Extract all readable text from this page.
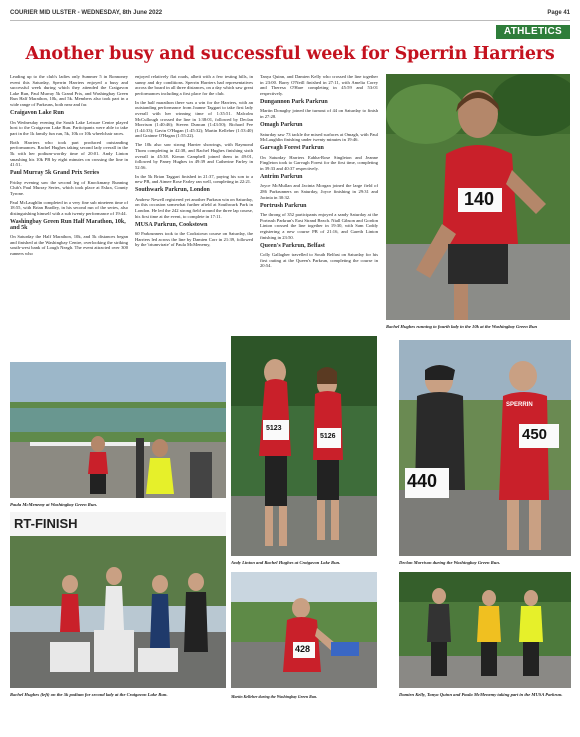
COURIER MID ULSTER - WEDNESDAY, 8th June 2022	Page 41
ATHLETICS
Another busy and successful week for Sperrin Harriers

Leading up to the club's ladies only Summer 5 in Ronnoney event this Saturday, Sperrin Harriers enjoyed a busy and successful week during which they attended the Craigavon Lake Run, Paul Murray 5k Grand Prix, and Washingbay Green Run Half Marathon, 10k, and 5k. Members also took part in a wide range of Parkruns, both near and far.

Craigavon Lake Run

On Wednesday evening the South Lake Leisure Centre played host to the Craigavon Lake Run. Participants were able to take part in the 1k family fun run, 5k, 10k or 10k wheelchair races.

Both Harriers who took part produced outstanding performances. Rachel Hughes taking second lady overall in the 5k with her podium-worthy time of 20:01. Andy Linton smashing his 10k PB by eight minutes on crossing the line in 41:51.

Paul Murray 5k Grand Prix Series

Friday evening saw the second leg of Knockmany Running Club's Paul Murray Series, which took place at Eskra, County Tyrone.

Paul McLaughlin completed in a very fine sub nineteen time of 18:55, with Brian Bradley, in his second run of the series, also distinguishing himself with a sub twenty performance of 19:44.

Washingbay Green Run Half Marathon, 10k, and 5k

On Saturday the Half Marathon, 10k, and 5k distances began and finished at the Washingbay Centre, overlooking the striking south-west bank of Lough Neagh. The event attracted over 300 runners who

enjoyed relatively flat roads, albeit with a few testing hills, in sunny and dry conditions. Sperrin Harriers had representatives across the board in all three distances, on a day which saw great performances including a first place for the club.

In the half marathon there was a win for the Harriers, with an outstanding performance from Joanne Taggart to take first lady overall with her winning time of 1:35:51. Malcolm McCullough crossed the line in 1:38:01, followed by Declan Morrison (1:40:46); Steven Duncan (1:43:50); Richard Fee (1:44:33); Gavin O'Hagan (1:45:32); Martin Kelleher (1:53:40) and Grainne O'Hagan (1:55:22).

The 10k also saw strong Harrier showings, with Raymond Thom completing in 42:38, and Rachel Hughes finishing sixth overall in 45:38. Kieran Campbell joined them in 49:01, followed by Paney Hughes in 49:39 and Catherine Farley in 52:56.

In the 5k Brian Taggart finished in 21:37, paying his son to a new PB, and Aimee Rose Farley ran well, completing in 22:21.

Southwark Parkrun, London

Andrew Newell registered yet another Parkrun win on Saturday, on this occasion somewhat further afield at Southwark Park in London. He led the 242 strong field around the three lap course, his first time at the event, to complete in 17:11.

MUSA Parkrun, Cookstown

60 Parkrunners took to the Cookstown course on Saturday, the Harriers led across the line by Damien Corr in 21:39, followed by the 'triumvirate' of Paula McMenemy,

Tanya Quinn, and Damien Kelly who crossed the line together in 23:00. Barry O'Neill finished in 27:11, with Amelia Corey and Theresa O'Hare completing in 45:59 and 53:01 respectively.

Dungannon Park Parkrun

Martin Donaghy joined the turnout of 44 on Saturday to finish in 27:28.

Omagh Parkrun

Saturday saw 73 tackle the mixed surfaces at Omagh, with Paul McLaughlin finishing under twenty minutes in 19:46.

Garvagh Forest Parkrun

On Saturday Harriers Eabha-Rose Singleton and Jeanne Fingleton took to Garvagh Forest for the first time, completing in 39:33 and 40:37 respectively.

Antrim Parkrun

Joyce McMullan and Jacinta Morgan joined the large field of 286 Parkrunners on Saturday, Joyce finishing in 29:31 and Jacinta in 30:32.

Portrush Parkrun

The throng of 352 participants enjoyed a sandy Saturday at the Portrush Parkrun's East Strand Beach. Niall Gibson and Gordon Linton crossed the line together in 19:30, with Sam Coddy registering a new course PB of 21:16, and Gareth Linton finishing in 23:50.

Queen's Parkrun, Belfast

Colly Gallagher travelled to South Belfast on Saturday for his first outing at the Queen's Parkrun, completing the course in 20:54.

140
Rachel Hughes running to fourth lady in the 10k at the Washingbay Green Run
Paula McMenemy at Washingbay Green Run.
5123
5126
Andy Linton and Rachel Hughes at Craigavon Lake Run.
SPERRIN
440
450
Declan Morrison during the Washingbay Green Run.
RT-FINISH
Rachel Hughes (left) on the 5k podium for second lady at the Craigavon Lake Run.
428
Martin Kelleher during the Washingbay Green Run.	Damien Kelly, Tanya Quinn and Paula McMenemy taking part in the MUSA Parkrun.
